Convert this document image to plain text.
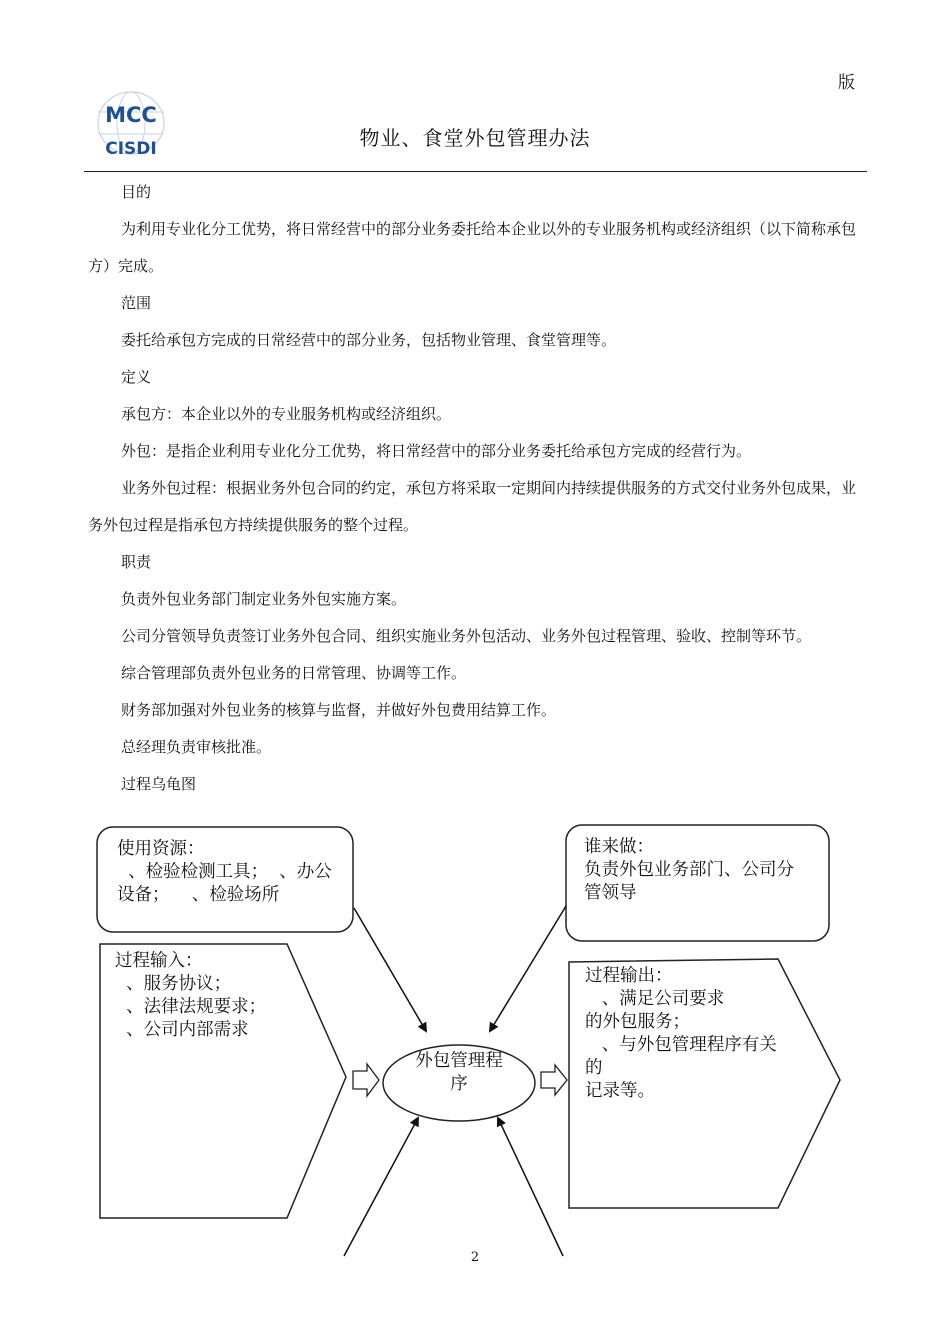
版
MCC
CISDI	物业、食堂外包管理办法

目的

为利用专业化分工优势，将日常经营中的部分业务委托给本企业以外的专业服务机构或经济组织（以下简称承包方）完成。

范围

委托给承包方完成的日常经营中的部分业务，包括物业管理、食堂管理等。

定义

承包方：本企业以外的专业服务机构或经济组织。

外包：是指企业利用专业化分工优势，将日常经营中的部分业务委托给承包方完成的经营行为。

业务外包过程：根据业务外包合同的约定，承包方将采取一定期间内持续提供服务的方式交付业务外包成果，业务外包过程是指承包方持续提供服务的整个过程。

职责

负责外包业务部门制定业务外包实施方案。

公司分管领导负责签订业务外包合同、组织实施业务外包活动、业务外包过程管理、验收、控制等环节。

综合管理部负责外包业务的日常管理、协调等工作。

财务部加强对外包业务的核算与监督，并做好外包费用结算工作。

总经理负责审核批准。

过程乌龟图

使用资源：
、检验检测工具；  、办公
设备；    、检验场所
谁来做：
负责外包业务部门、公司分
管领导
过程输入：
、服务协议；
、法律法规要求；
、公司内部需求
过程输出：
、满足公司要求
的外包服务；
、与外包管理程序有关的
记录等。
外包管理程
序
2
